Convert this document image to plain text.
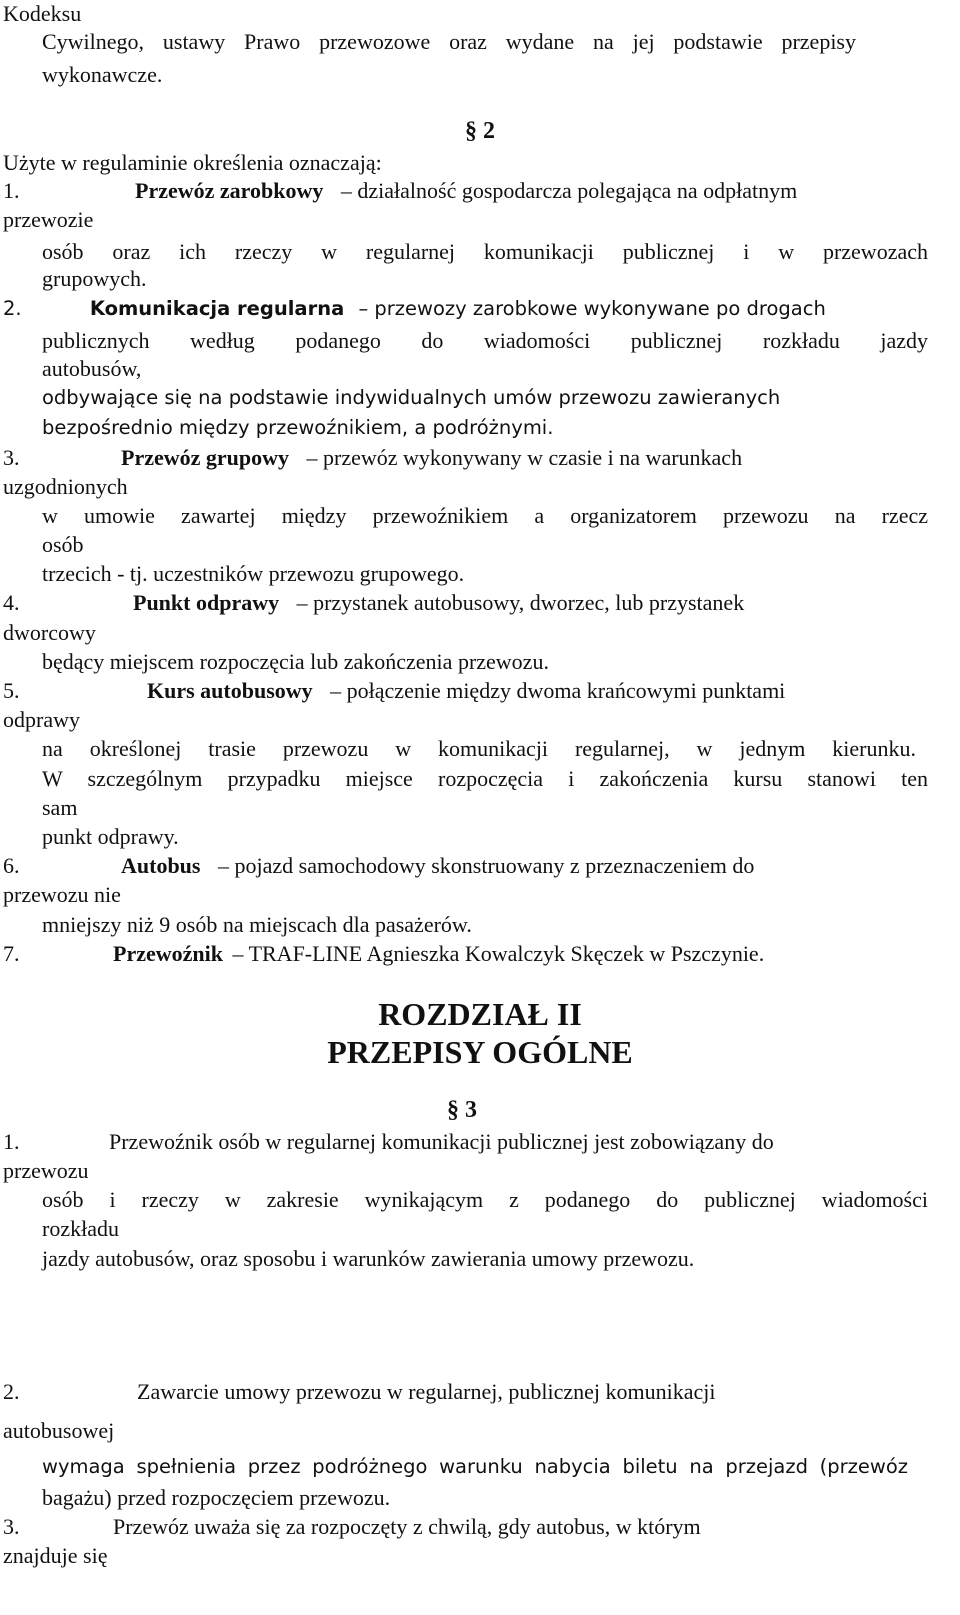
Kodeksu
Cywilnego, ustawy Prawo przewozowe oraz wydane na jej podstawie przepisy
wykonawcze.
§ 2
Użyte w regulaminie określenia oznaczają:
1.	Przewóz zarobkowy – działalność gospodarcza polegająca na odpłatnym
przewozie
osób oraz ich rzeczy w regularnej komunikacji publicznej i w przewozach
grupowych.
2.	Komunikacja regularna – przewozy zarobkowe wykonywane po drogach
publicznych według podanego do wiadomości publicznej rozkładu jazdy
autobusów,
odbywające się na podstawie indywidualnych umów przewozu zawieranych
bezpośrednio między przewoźnikiem, a podróżnymi.
3.	Przewóz grupowy – przewóz wykonywany w czasie i na warunkach
uzgodnionych
w umowie zawartej między przewoźnikiem a organizatorem przewozu na rzecz
osób
trzecich - tj. uczestników przewozu grupowego.
4.	Punkt odprawy – przystanek autobusowy, dworzec, lub przystanek
dworcowy
będący miejscem rozpoczęcia lub zakończenia przewozu.
5.	Kurs autobusowy – połączenie między dwoma krańcowymi punktami
odprawy
na określonej trasie przewozu w komunikacji regularnej, w jednym kierunku.
W szczególnym przypadku miejsce rozpoczęcia i zakończenia kursu stanowi ten
sam
punkt odprawy.
6.	Autobus – pojazd samochodowy skonstruowany z przeznaczeniem do
przewozu nie
mniejszy niż 9 osób na miejscach dla pasażerów.
7.	Przewoźnik – TRAF-LINE Agnieszka Kowalczyk Skęczek w Pszczynie.
ROZDZIAŁ II
PRZEPISY OGÓLNE
§ 3
1.	Przewoźnik osób w regularnej komunikacji publicznej jest zobowiązany do
przewozu
osób i rzeczy w zakresie wynikającym z podanego do publicznej wiadomości
rozkładu
jazdy autobusów, oraz sposobu i warunków zawierania umowy przewozu.
2.	Zawarcie umowy przewozu w regularnej, publicznej komunikacji
autobusowej
wymaga spełnienia przez podróżnego warunku nabycia biletu na przejazd (przewóz
bagażu) przed rozpoczęciem przewozu.
3.	Przewóz uważa się za rozpoczęty z chwilą, gdy autobus, w którym
znajduje się
